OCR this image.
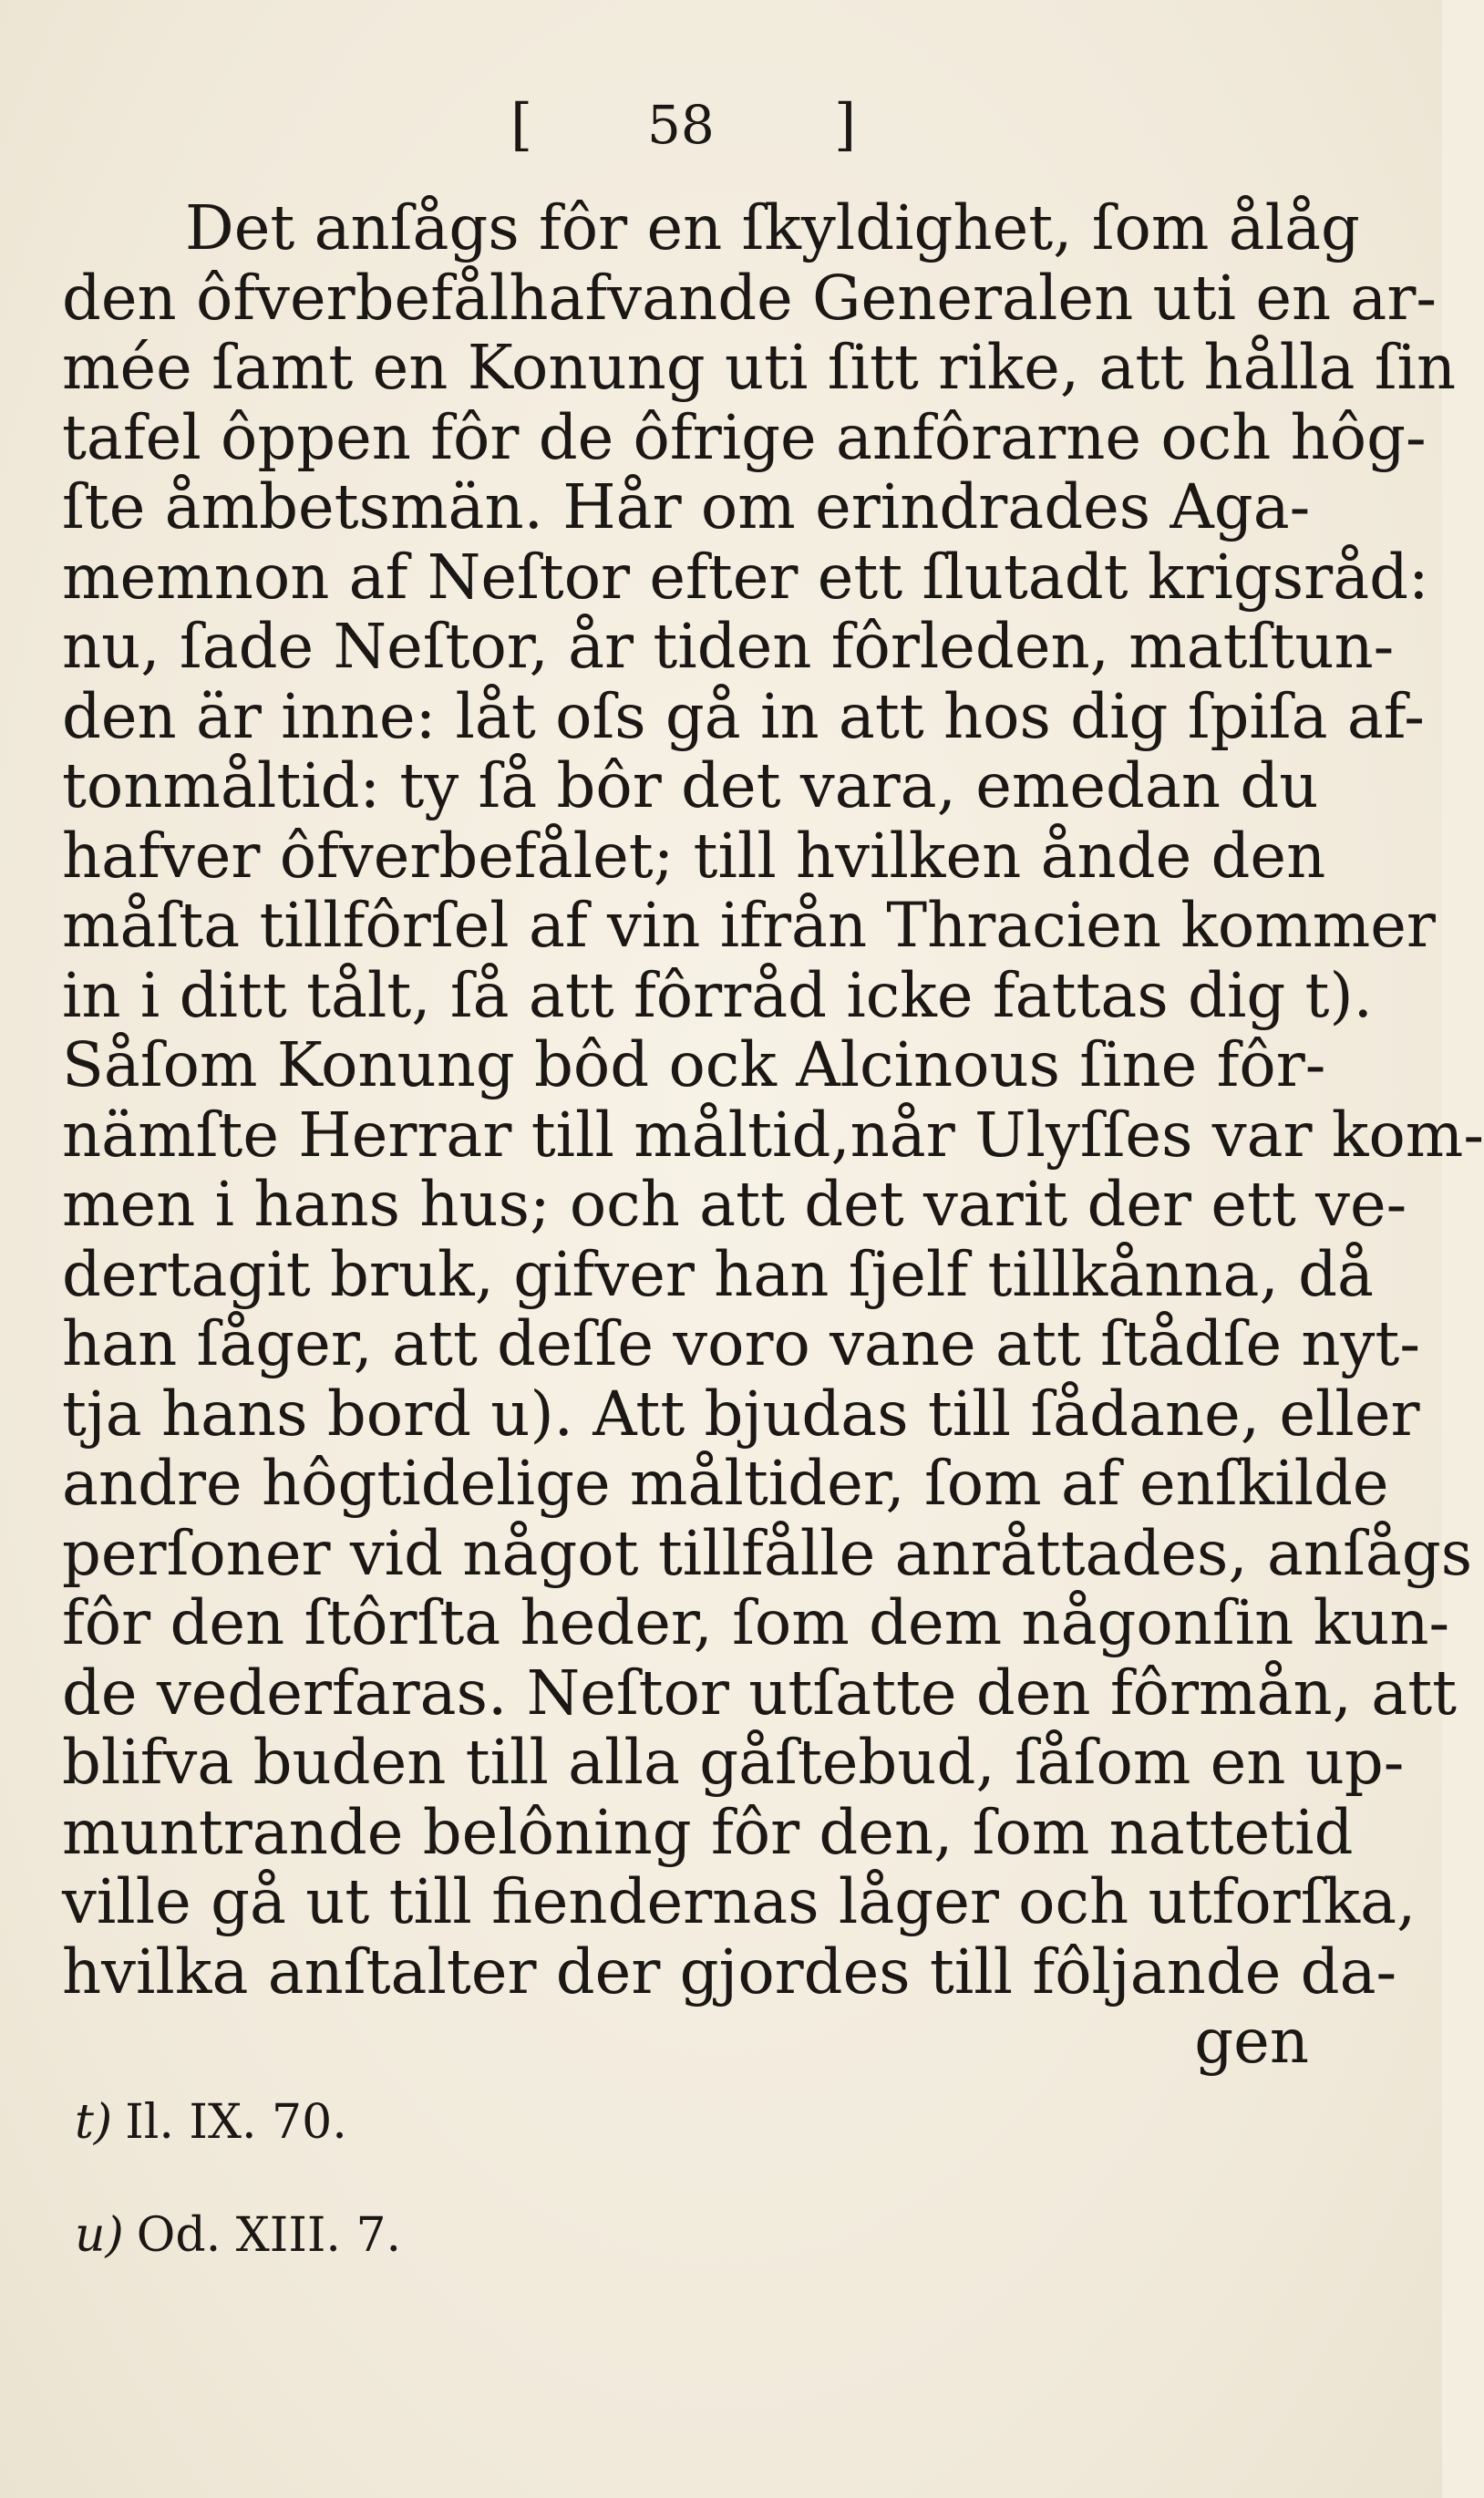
[ 58 ]
Det anſågs fôr en ſkyldighet, ſom ålåg
den ôfverbefålhafvande Generalen uti en ar-
mée ſamt en Konung uti ſitt rike, att hålla ſin
tafel ôppen fôr de ôfrige anfôrarne och hôg-
ſte åmbetsmän. Hår om erindrades Aga-
memnon af Neſtor efter ett ſlutadt krigsråd:
nu, ſade Neſtor, år tiden fôrleden, matſtun-
den är inne: låt oſs gå in att hos dig ſpiſa af-
tonmåltid: ty ſå bôr det vara, emedan du
hafver ôfverbefålet; till hvilken ånde den
måſta tillfôrſel af vin ifrån Thracien kommer
in i ditt tålt, ſå att fôrråd icke fattas dig t).
Såſom Konung bôd ock Alcinous ſine fôr-
nämſte Herrar till måltid,når Ulyſſes var kom-
men i hans hus; och att det varit der ett ve-
dertagit bruk, gifver han ſjelf tillkånna, då
han ſåger, att deſſe voro vane att ſtådſe nyt-
tja hans bord u). Att bjudas till ſådane, eller
andre hôgtidelige måltider, ſom af enſkilde
perſoner vid något tillfålle anråttades, anſågs
fôr den ſtôrſta heder, ſom dem någonſin kun-
de vederfaras. Neſtor utſatte den fôrmån, att
blifva buden till alla gåſtebud, ſåſom en up-
muntrande belôning fôr den, ſom nattetid
ville gå ut till fiendernas låger och utforſka,
hvilka anſtalter der gjordes till fôljande da-
gen
t) Il. IX. 70.
u) Od. XIII. 7.
